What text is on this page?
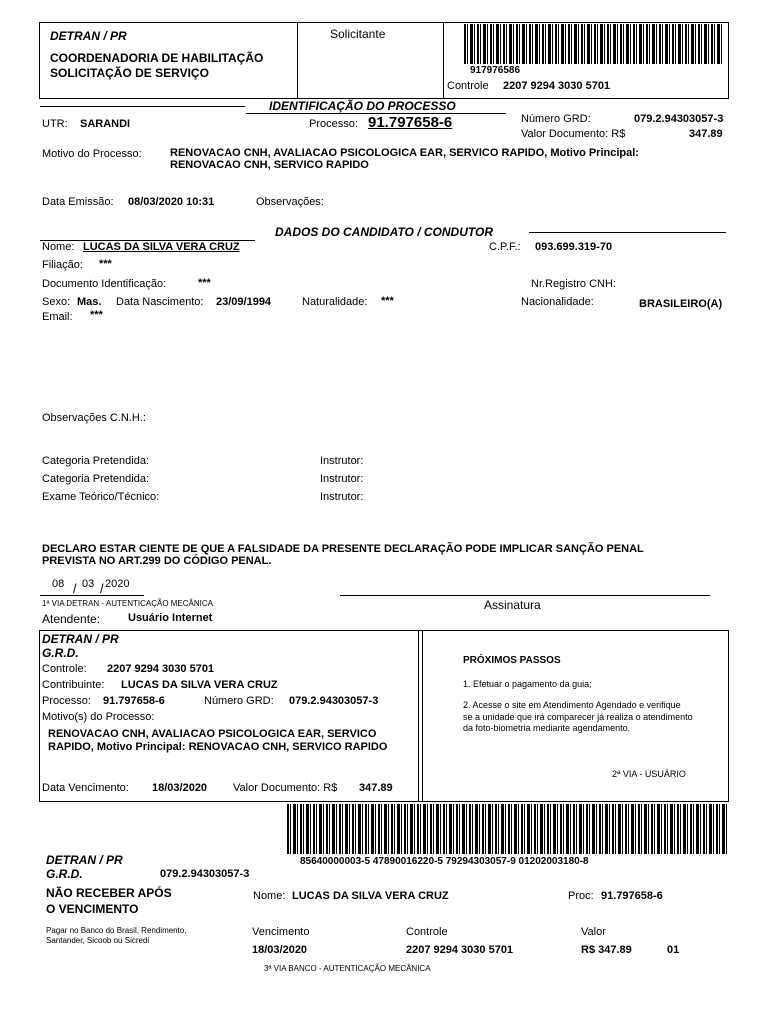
DETRAN / PR
COORDENADORIA DE HABILITAÇÃO
SOLICITAÇÃO DE SERVIÇO
Solicitante
917976586
Controle 2207 9294 3030 5701
IDENTIFICAÇÃO DO PROCESSO
UTR: SARANDI	Processo: 91.797658-6	Número GRD:	079.2.94303057-3
Valor Documento: R$	347.89
Motivo do Processo:	RENOVACAO CNH, AVALIACAO PSICOLOGICA EAR, SERVICO RAPIDO, Motivo Principal:
RENOVACAO CNH, SERVICO RAPIDO
Data Emissão: 08/03/2020 10:31	Observações:
DADOS DO CANDIDATO / CONDUTOR
Nome: LUCAS DA SILVA VERA CRUZ	C.P.F.: 093.699.319-70
Filiação: ***
Documento Identificação:	***	Nr.Registro CNH:
Sexo: Mas. Data Nascimento: 23/09/1994	Naturalidade: ***	Nacionalidade:	BRASILEIRO(A)
Email: ***
Observações C.N.H.:
Categoria Pretendida:	Instrutor:
Categoria Pretendida:	Instrutor:
Exame Teórico/Técnico:	Instrutor:
DECLARO ESTAR CIENTE DE QUE A FALSIDADE DA PRESENTE DECLARAÇÃO PODE IMPLICAR SANÇÃO PENAL
PREVISTA NO ART.299 DO CÓDIGO PENAL.
08 03 2020
/ /
1ª VIA DETRAN - AUTENTICAÇÃO MECÂNICA	Assinatura
Atendente:	Usuário Internet
DETRAN / PR
G.R.D.
Controle: 2207 9294 3030 5701
Contribuinte: LUCAS DA SILVA VERA CRUZ
Processo: 91.797658-6	Número GRD: 079.2.94303057-3
Motivo(s) do Processo:
RENOVACAO CNH, AVALIACAO PSICOLOGICA EAR, SERVICO
RAPIDO, Motivo Principal: RENOVACAO CNH, SERVICO RAPIDO
Data Vencimento: 18/03/2020 Valor Documento: R$ 347.89
PRÓXIMOS PASSOS
1. Efetuar o pagamento da guia;
2. Acesse o site em Atendimento Agendado e verifique
se a unidade que irá comparecer já realiza o atendimento
da foto-biometria mediante agendamento.
2ª VIA - USUÁRIO
85640000003-5 47890016220-5 79294303057-9 01202003180-8
DETRAN / PR
G.R.D.	079.2.94303057-3
NÃO RECEBER APÓS
O VENCIMENTO
Pagar no Banco do Brasil, Rendimento,
Santander, Sicoob ou Sicredi
Nome: LUCAS DA SILVA VERA CRUZ	Proc: 91.797658-6
Vencimento
18/03/2020
Controle
2207 9294 3030 5701
Valor
R$ 347.89	01
3ª VIA BANCO - AUTENTICAÇÃO MECÂNICA
